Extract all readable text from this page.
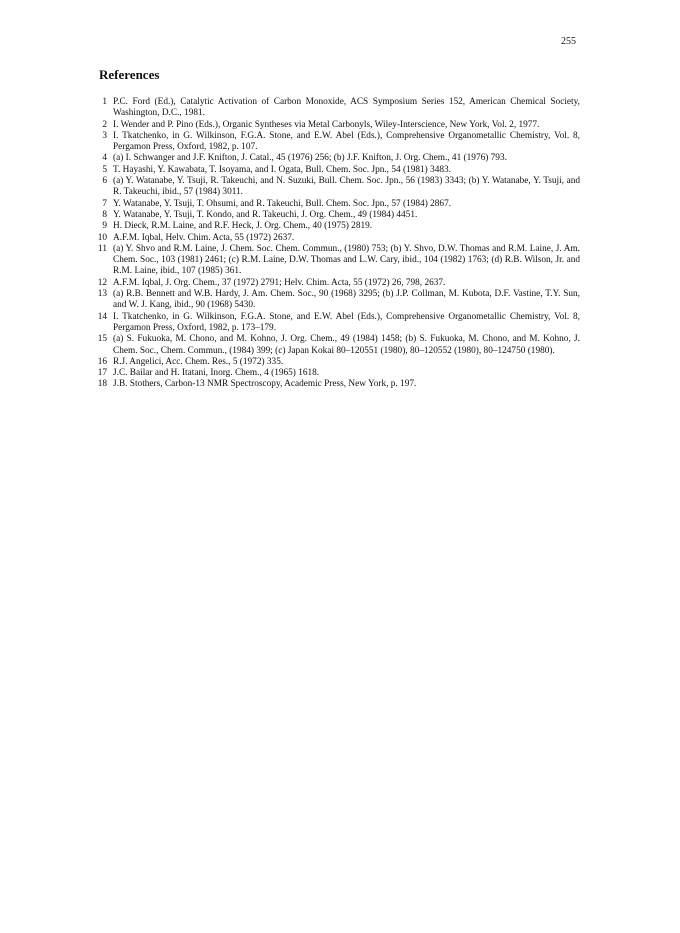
255
References
1 P.C. Ford (Ed.), Catalytic Activation of Carbon Monoxide, ACS Symposium Series 152, American Chemical Society, Washington, D.C., 1981.
2 I. Wender and P. Pino (Eds.), Organic Syntheses via Metal Carbonyls, Wiley-Interscience, New York, Vol. 2, 1977.
3 I. Tkatchenko, in G. Wilkinson, F.G.A. Stone, and E.W. Abel (Eds.), Comprehensive Organometallic Chemistry, Vol. 8, Pergamon Press, Oxford, 1982, p. 107.
4 (a) I. Schwanger and J.F. Knifton, J. Catal., 45 (1976) 256; (b) J.F. Knifton, J. Org. Chem., 41 (1976) 793.
5 T. Hayashi, Y. Kawabata, T. Isoyama, and I. Ogata, Bull. Chem. Soc. Jpn., 54 (1981) 3483.
6 (a) Y. Watanabe, Y. Tsuji, R. Takeuchi, and N. Suzuki, Bull. Chem. Soc. Jpn., 56 (1983) 3343; (b) Y. Watanabe, Y. Tsuji, and R. Takeuchi, ibid., 57 (1984) 3011.
7 Y. Watanabe, Y. Tsuji, T. Ohsumi, and R. Takeuchi, Bull. Chem. Soc. Jpn., 57 (1984) 2867.
8 Y. Watanabe, Y. Tsuji, T. Kondo, and R. Takeuchi, J. Org. Chem., 49 (1984) 4451.
9 H. Dieck, R.M. Laine, and R.F. Heck, J. Org. Chem., 40 (1975) 2819.
10 A.F.M. Iqbal, Helv. Chim. Acta, 55 (1972) 2637.
11 (a) Y. Shvo and R.M. Laine, J. Chem. Soc. Chem. Commun., (1980) 753; (b) Y. Shvo, D.W. Thomas and R.M. Laine, J. Am. Chem. Soc., 103 (1981) 2461; (c) R.M. Laine, D.W. Thomas and L.W. Cary, ibid., 104 (1982) 1763; (d) R.B. Wilson, Jr. and R.M. Laine, ibid., 107 (1985) 361.
12 A.F.M. Iqbal, J. Org. Chem., 37 (1972) 2791; Helv. Chim. Acta, 55 (1972) 26, 798, 2637.
13 (a) R.B. Bennett and W.B. Hardy, J. Am. Chem. Soc., 90 (1968) 3295; (b) J.P. Collman, M. Kubota, D.F. Vastine, T.Y. Sun, and W. J. Kang, ibid., 90 (1968) 5430.
14 I. Tkatchenko, in G. Wilkinson, F.G.A. Stone, and E.W. Abel (Eds.), Comprehensive Organometallic Chemistry, Vol. 8, Pergamon Press, Oxford, 1982, p. 173–179.
15 (a) S. Fukuoka, M. Chono, and M. Kohno, J. Org. Chem., 49 (1984) 1458; (b) S. Fukuoka, M. Chono, and M. Kohno, J. Chem. Soc., Chem. Commun., (1984) 399; (c) Japan Kokai 80–120551 (1980), 80–120552 (1980), 80–124750 (1980).
16 R.J. Angelici, Acc. Chem. Res., 5 (1972) 335.
17 J.C. Bailar and H. Itatani, Inorg. Chem., 4 (1965) 1618.
18 J.B. Stothers, Carbon-13 NMR Spectroscopy, Academic Press, New York, p. 197.
